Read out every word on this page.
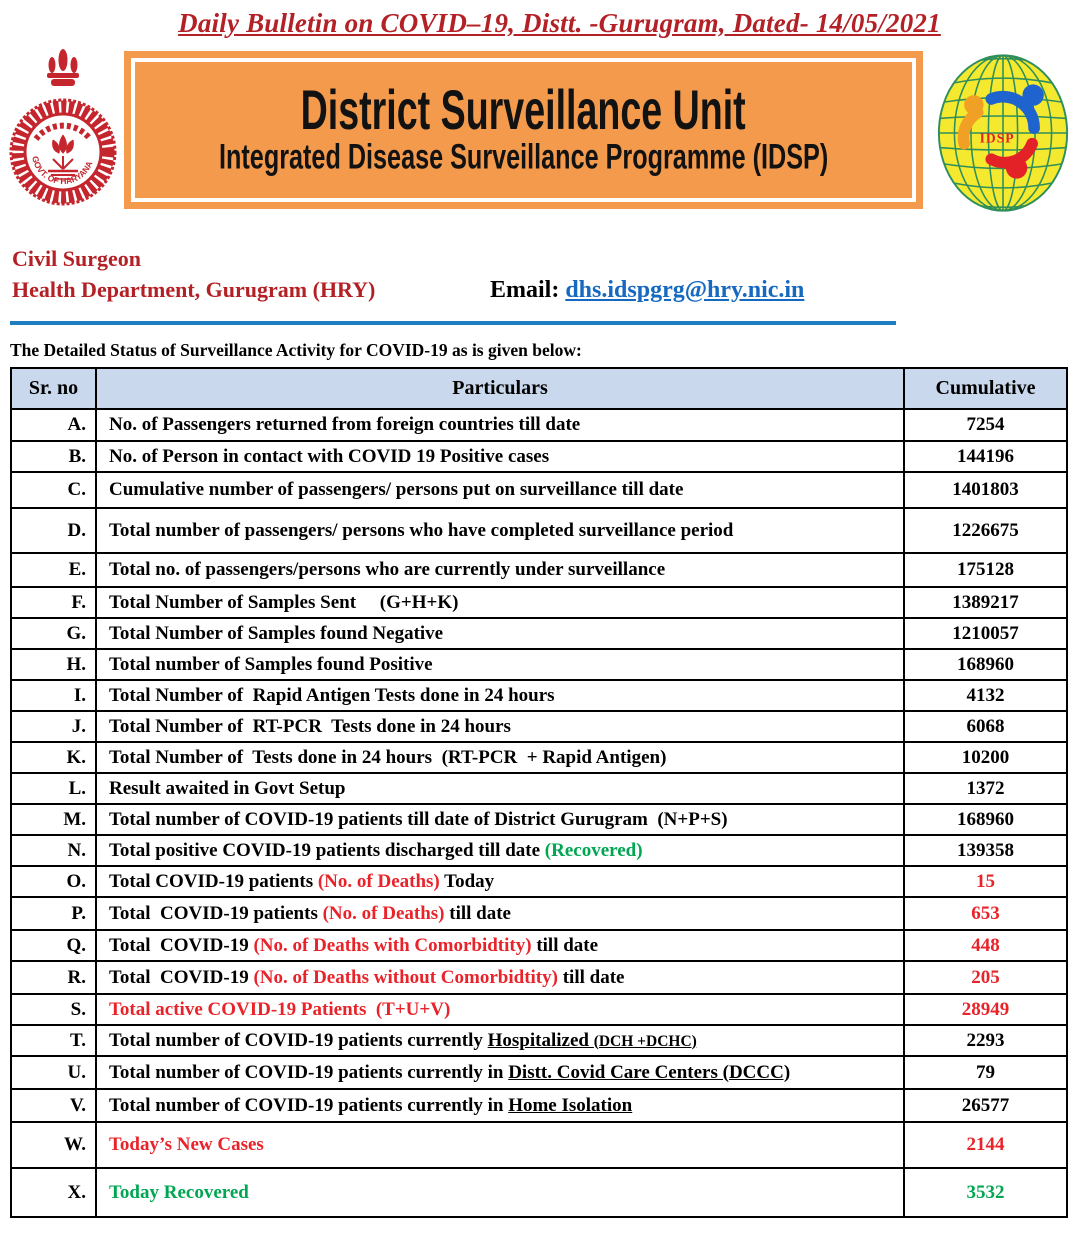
Daily Bulletin on COVID–19, Distt. -Gurugram, Dated- 14/05/2021
GOVT. OF HARYANA
District Surveillance Unit
Integrated Disease Surveillance Programme (IDSP)
IDSP
Civil Surgeon
Health Department, Gurugram (HRY)	Email: dhs.idspgrg@hry.nic.in
The Detailed Status of Surveillance Activity for COVID-19 as is given below:
Sr. no	Particulars	Cumulative
A.	No. of Passengers returned from foreign countries till date	7254
B.	No. of Person in contact with COVID 19 Positive cases	144196
C.	Cumulative number of passengers/ persons put on surveillance till date	1401803
D.	Total number of passengers/ persons who have completed surveillance period	1226675
E.	Total no. of passengers/persons who are currently under surveillance	175128
F.	Total Number of Samples Sent     (G+H+K)	1389217
G.	Total Number of Samples found Negative	1210057
H.	Total number of Samples found Positive	168960
I.	Total Number of  Rapid Antigen Tests done in 24 hours	4132
J.	Total Number of  RT-PCR  Tests done in 24 hours	6068
K.	Total Number of  Tests done in 24 hours  (RT-PCR  + Rapid Antigen)	10200
L.	Result awaited in Govt Setup	1372
M.	Total number of COVID-19 patients till date of District Gurugram  (N+P+S)	168960
N.	Total positive COVID-19 patients discharged till date (Recovered)	139358
O.	Total COVID-19 patients (No. of Deaths) Today	15
P.	Total  COVID-19 patients (No. of Deaths) till date	653
Q.	Total  COVID-19 (No. of Deaths with Comorbidtity) till date	448
R.	Total  COVID-19 (No. of Deaths without Comorbidtity) till date	205
S.	Total active COVID-19 Patients  (T+U+V)	28949
T.	Total number of COVID-19 patients currently Hospitalized (DCH +DCHC)	2293
U.	Total number of COVID-19 patients currently in Distt. Covid Care Centers (DCCC)	79
V.	Total number of COVID-19 patients currently in Home Isolation	26577
W.	Today’s New Cases	2144
X.	Today Recovered	3532
